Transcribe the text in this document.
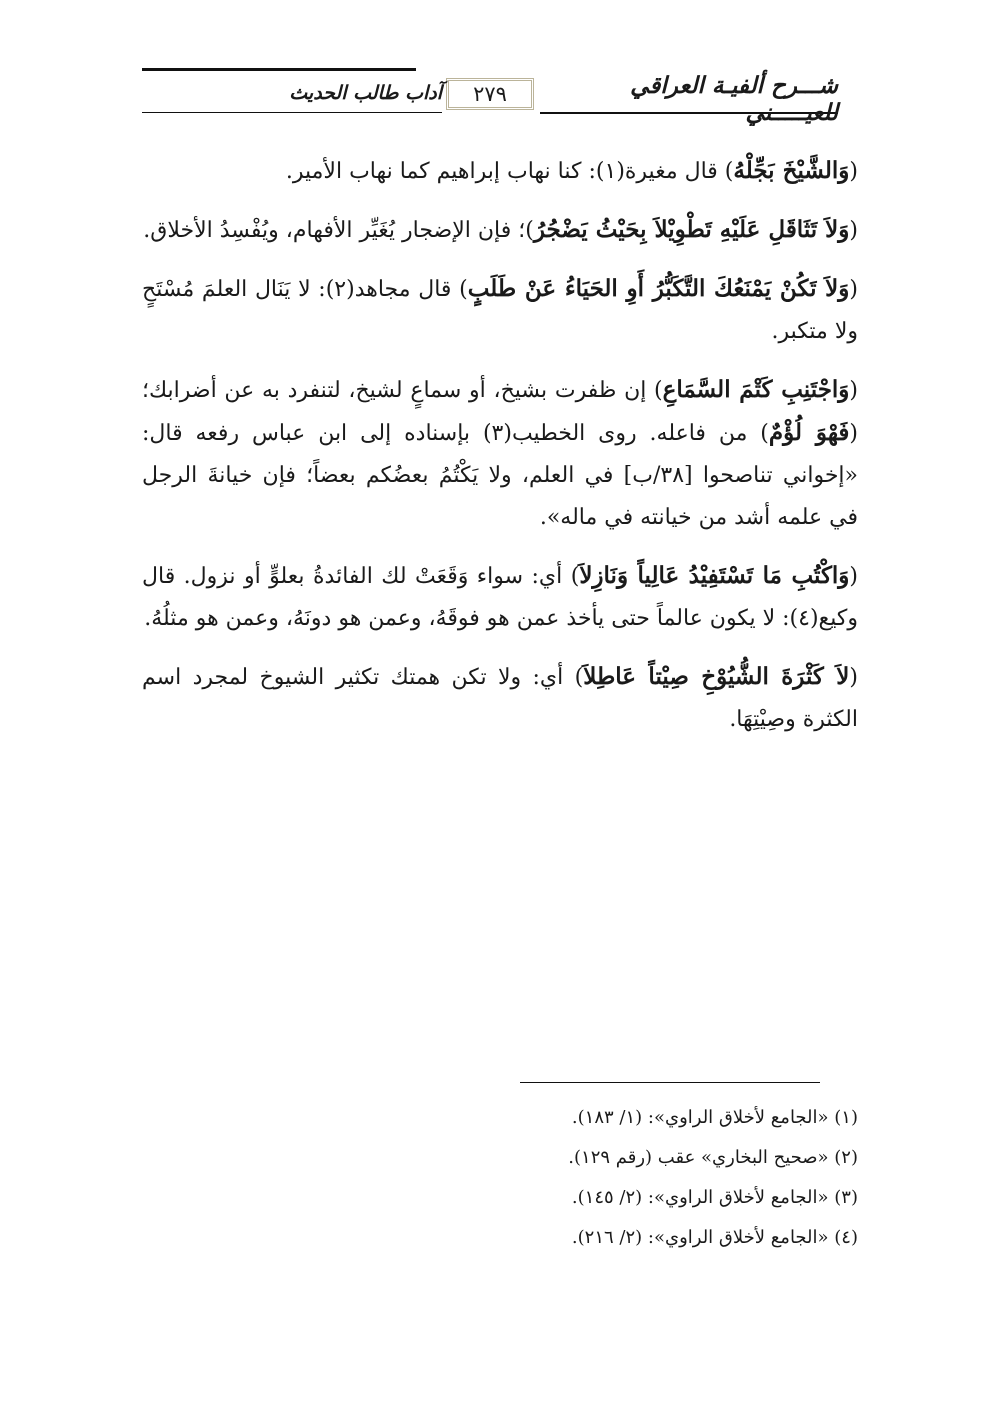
شـــرح ألفيـة العراقي للعيـــــني
٢٧٩
آداب طالب الحديث

(وَالشَّيْخَ بَجِّلْهُ) قال مغيرة(١): كنا نهاب إبراهيم كما نهاب الأمير.

(وَلاَ تَثَاقَلِ عَلَيْهِ تَطْوِيْلاَ بِحَيْثُ يَضْجُرُ)؛ فإن الإضجار يُغَيِّر الأفهام، ويُفْسِدُ الأخلاق.

(وَلاَ تَكُنْ يَمْنَعُكَ التَّكَبُّرُ أَوِ الحَيَاءُ عَنْ طَلَبٍ) قال مجاهد(٢): لا يَنَال العلمَ مُسْتَحٍ ولا متكبر.

(وَاجْتَنِبِ كَتْمَ السَّمَاعِ) إن ظفرت بشيخ، أو سماعٍ لشيخ، لتنفرد به عن أضرابك؛ (فَهْوَ لُؤْمٌ) من فاعله. روى الخطيب(٣) بإسناده إلى ابن عباس رفعه قال: «إخواني تناصحوا [٣٨/ب] في العلم، ولا يَكْتُمُ بعضُكم بعضاً؛ فإن خيانةَ الرجل في علمه أشد من خيانته في ماله».

(وَاكْتُبِ مَا تَسْتَفِيْدُ عَالِياً وَنَازِلاَ) أي: سواء وَقَعَتْ لك الفائدةُ بعلوٍّ أو نزول. قال وكيع(٤): لا يكون عالماً حتى يأخذ عمن هو فوقَهُ، وعمن هو دونَهُ، وعمن هو مثلُهُ.

(لاَ كَثْرَةَ الشُّيُوْخِ صِيْتاً عَاطِلاَ) أي: ولا تكن همتك تكثير الشيوخ لمجرد اسم الكثرة وصِيْتِهَا.

(١) «الجامع لأخلاق الراوي»: (١/ ١٨٣).
(٢) «صحيح البخاري» عقب (رقم ١٢٩).
(٣) «الجامع لأخلاق الراوي»: (٢/ ١٤٥).
(٤) «الجامع لأخلاق الراوي»: (٢/ ٢١٦).
